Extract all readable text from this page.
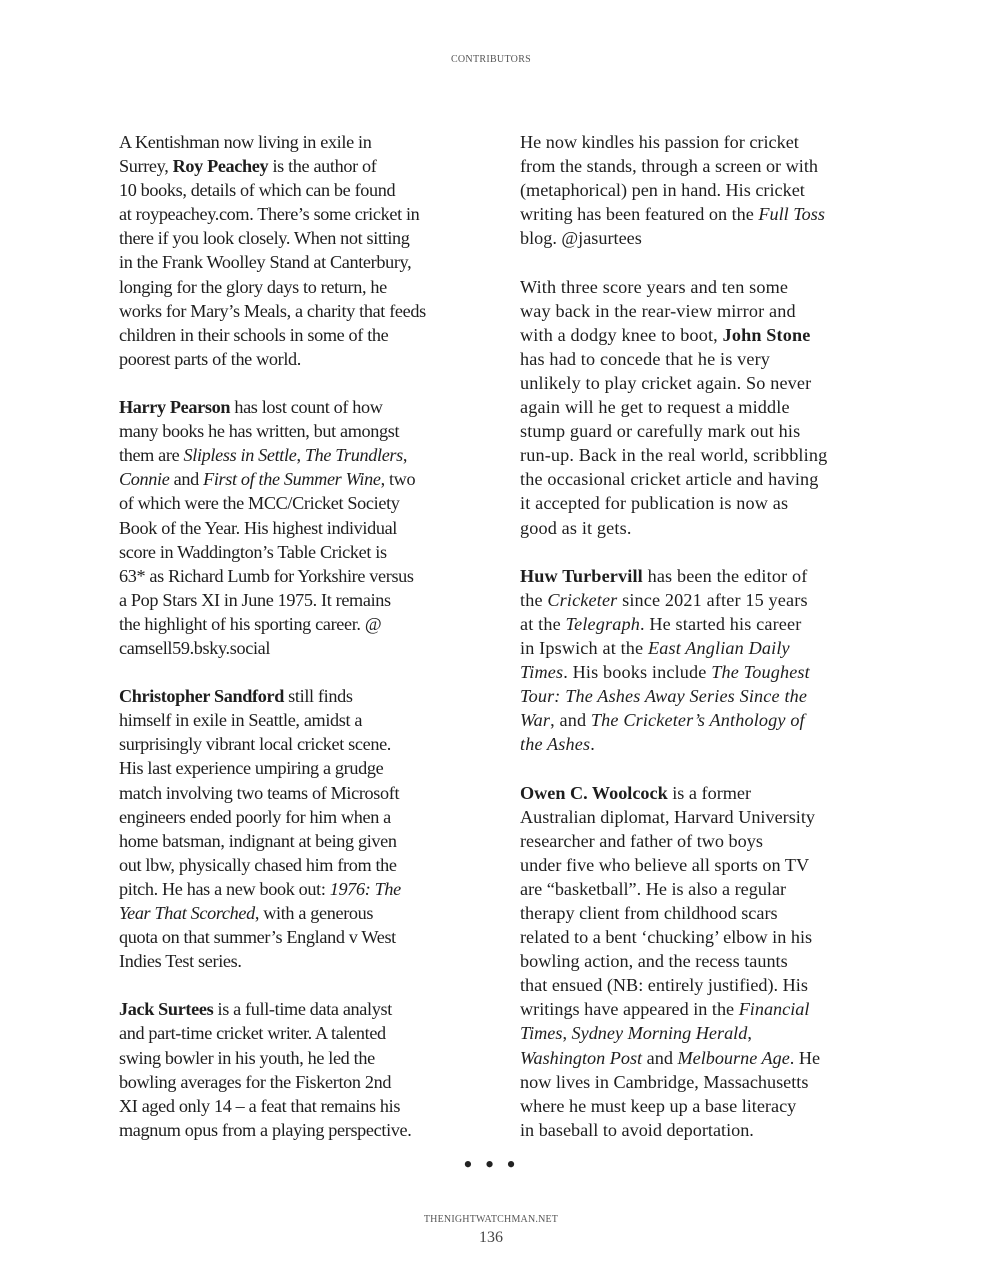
CONTRIBUTORS

A Kentishman now living in exile in
Surrey, Roy Peachey is the author of
10 books, details of which can be found
at roypeachey.com. There’s some cricket in
there if you look closely. When not sitting
in the Frank Woolley Stand at Canterbury,
longing for the glory days to return, he
works for Mary’s Meals, a charity that feeds
children in their schools in some of the
poorest parts of the world.

Harry Pearson has lost count of how
many books he has written, but amongst
them are Slipless in Settle, The Trundlers,
Connie and First of the Summer Wine, two
of which were the MCC/Cricket Society
Book of the Year. His highest individual
score in Waddington’s Table Cricket is
63* as Richard Lumb for Yorkshire versus
a Pop Stars XI in June 1975. It remains
the highlight of his sporting career. @
camsell59.bsky.social

Christopher Sandford still finds
himself in exile in Seattle, amidst a
surprisingly vibrant local cricket scene.
His last experience umpiring a grudge
match involving two teams of Microsoft
engineers ended poorly for him when a
home batsman, indignant at being given
out lbw, physically chased him from the
pitch. He has a new book out: 1976: The
Year That Scorched, with a generous
quota on that summer’s England v West
Indies Test series.

Jack Surtees is a full-time data analyst
and part-time cricket writer. A talented
swing bowler in his youth, he led the
bowling averages for the Fiskerton 2nd
XI aged only 14 – a feat that remains his
magnum opus from a playing perspective.

He now kindles his passion for cricket
from the stands, through a screen or with
(metaphorical) pen in hand. His cricket
writing has been featured on the Full Toss
blog. @jasurtees

With three score years and ten some
way back in the rear-view mirror and
with a dodgy knee to boot, John Stone
has had to concede that he is very
unlikely to play cricket again. So never
again will he get to request a middle
stump guard or carefully mark out his
run-up. Back in the real world, scribbling
the occasional cricket article and having
it accepted for publication is now as
good as it gets.

Huw Turbervill has been the editor of
the Cricketer since 2021 after 15 years
at the Telegraph. He started his career
in Ipswich at the East Anglian Daily
Times. His books include The Toughest
Tour: The Ashes Away Series Since the
War, and The Cricketer’s Anthology of
the Ashes.

Owen C. Woolcock is a former
Australian diplomat, Harvard University
researcher and father of two boys
under five who believe all sports on TV
are “basketball”. He is also a regular
therapy client from childhood scars
related to a bent ‘chucking’ elbow in his
bowling action, and the recess taunts
that ensued (NB: entirely justified). His
writings have appeared in the Financial
Times, Sydney Morning Herald,
Washington Post and Melbourne Age. He
now lives in Cambridge, Massachusetts
where he must keep up a base literacy
in baseball to avoid deportation.

• • •
THENIGHTWATCHMAN.NET
136
